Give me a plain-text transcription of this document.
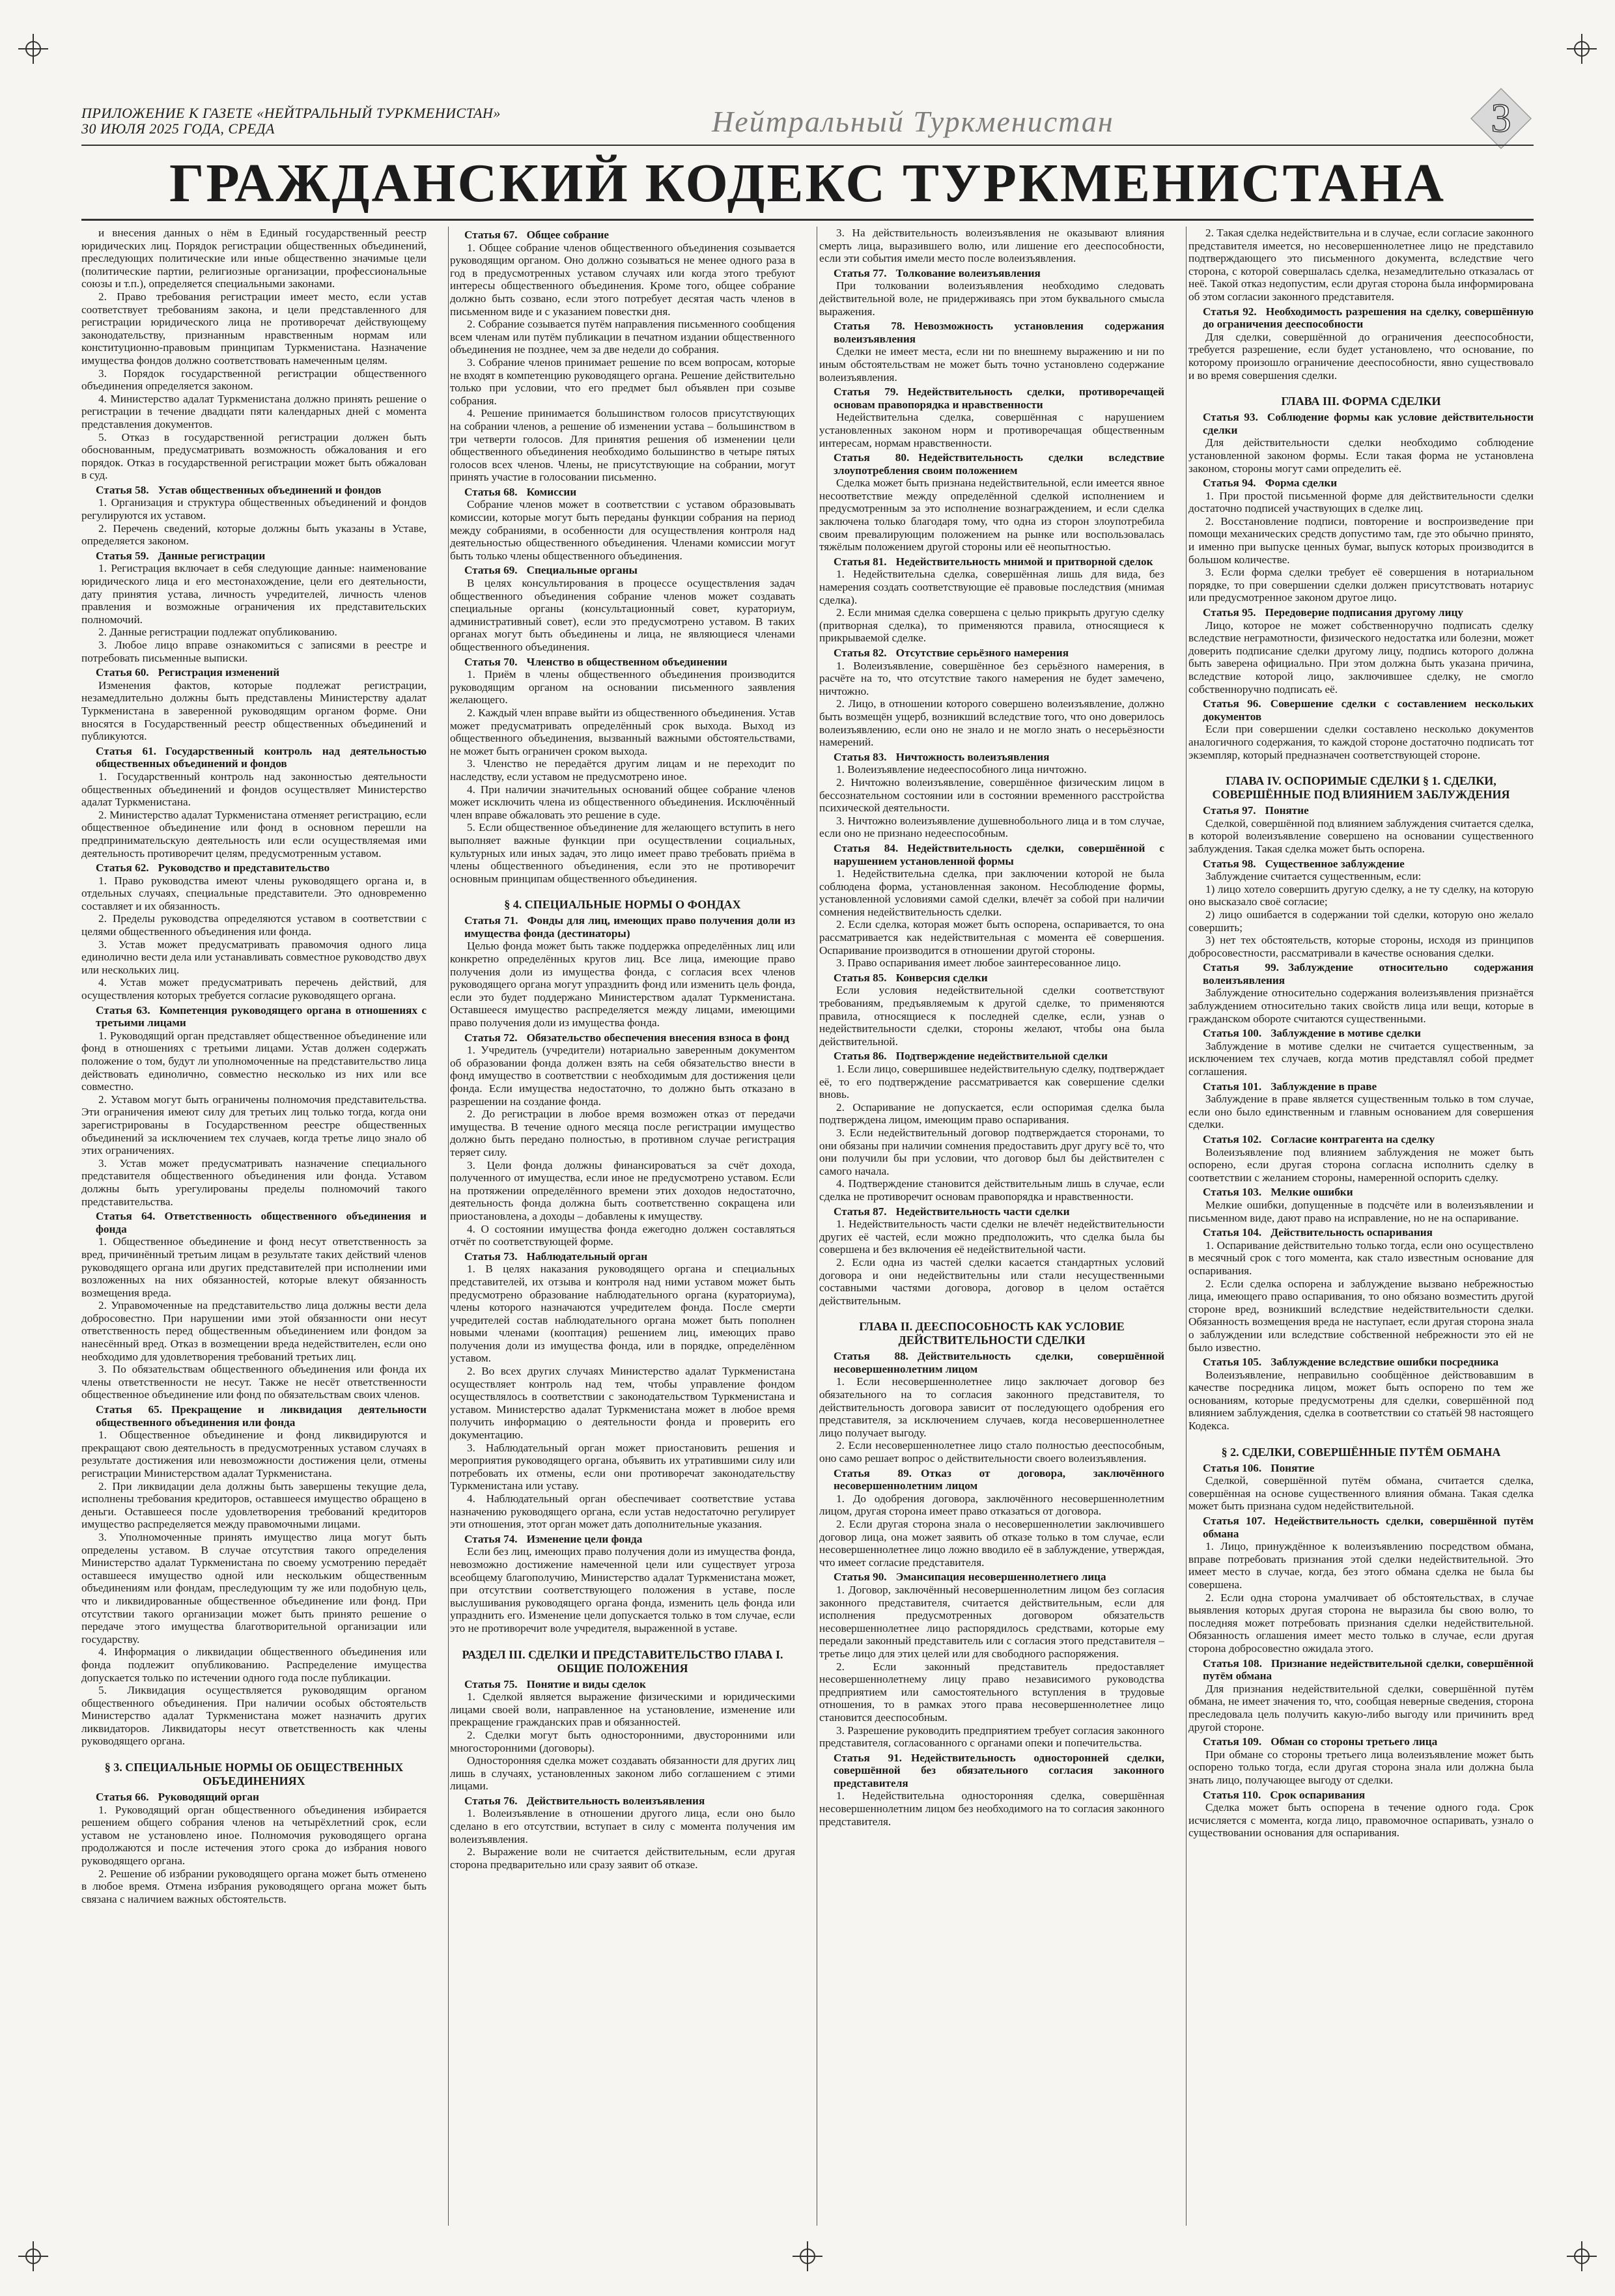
ПРИЛОЖЕНИЕ К ГАЗЕТЕ «НЕЙТРАЛЬНЫЙ ТУРКМЕНИСТАН»
30 ИЮЛЯ 2025 ГОДА, СРЕДА	Нейтральный Туркменистан	3
ГРАЖДАНСКИЙ КОДЕКС ТУРКМЕНИСТАНА

и внесения данных о нём в Единый государственный реестр юридических лиц. Порядок регистрации общественных объединений, преследующих политические или иные общественно значимые цели (политические партии, религиозные организации, профессиональные союзы и т.п.), определяется специальными законами.

2. Право требования регистрации имеет место, если устав соответствует требованиям закона, и цели представленного для регистрации юридического лица не противоречат действующему законодательству, признанным нравственным нормам или конституционно-правовым принципам Туркменистана. Назначение имущества фондов должно соответствовать намеченным целям.

3. Порядок государственной регистрации общественного объединения определяется законом.

4. Министерство адалат Туркменистана должно принять решение о регистрации в течение двадцати пяти календарных дней с момента представления документов.

5. Отказ в государственной регистрации должен быть обоснованным, предусматривать возможность обжалования и его порядок. Отказ в государственной регистрации может быть обжалован в суд.

Статья 58. Устав общественных объединений и фондов

1. Организация и структура общественных объединений и фондов регулируются их уставом.

2. Перечень сведений, которые должны быть указаны в Уставе, определяется законом.

Статья 59. Данные регистрации

1. Регистрация включает в себя следующие данные: наименование юридического лица и его местонахождение, цели его деятельности, дату принятия устава, личность учредителей, личность членов правления и возможные ограничения их представительских полномочий.

2. Данные регистрации подлежат опубликованию.

3. Любое лицо вправе ознакомиться с записями в реестре и потребовать письменные выписки.

Статья 60. Регистрация изменений

Изменения фактов, которые подлежат регистрации, незамедлительно должны быть представлены Министерству адалат Туркменистана в заверенной руководящим органом форме. Они вносятся в Государственный реестр общественных объединений и публикуются.

Статья 61. Государственный контроль над деятельностью общественных объединений и фондов

1. Государственный контроль над законностью деятельности общественных объединений и фондов осуществляет Министерство адалат Туркменистана.

2. Министерство адалат Туркменистана отменяет регистрацию, если общественное объединение или фонд в основном перешли на предпринимательскую деятельность или если осуществляемая ими деятельность противоречит целям, предусмотренным уставом.

Статья 62. Руководство и представительство

1. Право руководства имеют члены руководящего органа и, в отдельных случаях, специальные представители. Это одновременно составляет и их обязанность.

2. Пределы руководства определяются уставом в соответствии с целями общественного объединения или фонда.

3. Устав может предусматривать правомочия одного лица единолично вести дела или устанавливать совместное руководство двух или нескольких лиц.

4. Устав может предусматривать перечень действий, для осуществления которых требуется согласие руководящего органа.

Статья 63. Компетенция руководящего органа в отношениях с третьими лицами

1. Руководящий орган представляет общественное объединение или фонд в отношениях с третьими лицами. Устав должен содержать положение о том, будут ли уполномоченные на представительство лица действовать единолично, совместно несколько из них или все совместно.

2. Уставом могут быть ограничены полномочия представительства. Эти ограничения имеют силу для третьих лиц только тогда, когда они зарегистрированы в Государственном реестре общественных объединений за исключением тех случаев, когда третье лицо знало об этих ограничениях.

3. Устав может предусматривать назначение специального представителя общественного объединения или фонда. Уставом должны быть урегулированы пределы полномочий такого представительства.

Статья 64. Ответственность общественного объединения и фонда

1. Общественное объединение и фонд несут ответственность за вред, причинённый третьим лицам в результате таких действий членов руководящего органа или других представителей при исполнении ими возложенных на них обязанностей, которые влекут обязанность возмещения вреда.

2. Управомоченные на представительство лица должны вести дела добросовестно. При нарушении ими этой обязанности они несут ответственность перед общественным объединением или фондом за нанесённый вред. Отказ в возмещении вреда недействителен, если оно необходимо для удовлетворения требований третьих лиц.

3. По обязательствам общественного объединения или фонда их члены ответственности не несут. Также не несёт ответственности общественное объединение или фонд по обязательствам своих членов.

Статья 65. Прекращение и ликвидация деятельности общественного объединения или фонда

1. Общественное объединение и фонд ликвидируются и прекращают свою деятельность в предусмотренных уставом случаях в результате достижения или невозможности достижения цели, отмены регистрации Министерством адалат Туркменистана.

2. При ликвидации дела должны быть завершены текущие дела, исполнены требования кредиторов, оставшееся имущество обращено в деньги. Оставшееся после удовлетворения требований кредиторов имущество распределяется между правомочными лицами.

3. Уполномоченные принять имущество лица могут быть определены уставом. В случае отсутствия такого определения Министерство адалат Туркменистана по своему усмотрению передаёт оставшееся имущество одной или нескольким общественным объединениям или фондам, преследующим ту же или подобную цель, что и ликвидированные общественное объединение или фонд. При отсутствии такого организации может быть принято решение о передаче этого имущества благотворительной организации или государству.

4. Информация о ликвидации общественного объединения или фонда подлежит опубликованию. Распределение имущества допускается только по истечении одного года после публикации.

5. Ликвидация осуществляется руководящим органом общественного объединения. При наличии особых обстоятельств Министерство адалат Туркменистана может назначить других ликвидаторов. Ликвидаторы несут ответственность как члены руководящего органа.

§ 3. СПЕЦИАЛЬНЫЕ НОРМЫ ОБ ОБЩЕСТВЕННЫХ ОБЪЕДИНЕНИЯХ

Статья 66. Руководящий орган

1. Руководящий орган общественного объединения избирается решением общего собрания членов на четырёхлетний срок, если уставом не установлено иное. Полномочия руководящего органа продолжаются и после истечения этого срока до избрания нового руководящего органа.

2. Решение об избрании руководящего органа может быть отменено в любое время. Отмена избрания руководящего органа может быть связана с наличием важных обстоятельств.

Статья 67. Общее собрание

1. Общее собрание членов общественного объединения созывается руководящим органом. Оно должно созываться не менее одного раза в год в предусмотренных уставом случаях или когда этого требуют интересы общественного объединения. Кроме того, общее собрание должно быть созвано, если этого потребует десятая часть членов в письменном виде и с указанием повестки дня.

2. Собрание созывается путём направления письменного сообщения всем членам или путём публикации в печатном издании общественного объединения не позднее, чем за две недели до собрания.

3. Собрание членов принимает решение по всем вопросам, которые не входят в компетенцию руководящего органа. Решение действительно только при условии, что его предмет был объявлен при созыве собрания.

4. Решение принимается большинством голосов присутствующих на собрании членов, а решение об изменении устава – большинством в три четверти голосов. Для принятия решения об изменении цели общественного объединения необходимо большинство в четыре пятых голосов всех членов. Члены, не присутствующие на собрании, могут принять участие в голосовании письменно.

Статья 68. Комиссии

Собрание членов может в соответствии с уставом образовывать комиссии, которые могут быть переданы функции собрания на период между собраниями, в особенности для осуществления контроля над деятельностью общественного объединения. Членами комиссии могут быть только члены общественного объединения.

Статья 69. Специальные органы

В целях консультирования в процессе осуществления задач общественного объединения собрание членов может создавать специальные органы (консультационный совет, кураториум, административный совет), если это предусмотрено уставом. В таких органах могут быть объединены и лица, не являющиеся членами общественного объединения.

Статья 70. Членство в общественном объединении

1. Приём в члены общественного объединения производится руководящим органом на основании письменного заявления желающего.

2. Каждый член вправе выйти из общественного объединения. Устав может предусматривать определённый срок выхода. Выход из общественного объединения, вызванный важными обстоятельствами, не может быть ограничен сроком выхода.

3. Членство не передаётся другим лицам и не переходит по наследству, если уставом не предусмотрено иное.

4. При наличии значительных оснований общее собрание членов может исключить члена из общественного объединения. Исключённый член вправе обжаловать это решение в суде.

5. Если общественное объединение для желающего вступить в него выполняет важные функции при осуществлении социальных, культурных или иных задач, это лицо имеет право требовать приёма в члены общественного объединения, если это не противоречит основным принципам общественного объединения.

§ 4. СПЕЦИАЛЬНЫЕ НОРМЫ О ФОНДАХ

Статья 71. Фонды для лиц, имеющих право получения доли из имущества фонда (дестинаторы)

Целью фонда может быть также поддержка определённых лиц или конкретно определённых кругов лиц. Все лица, имеющие право получения доли из имущества фонда, с согласия всех членов руководящего органа могут упразднить фонд или изменить цель фонда, если это будет поддержано Министерством адалат Туркменистана. Оставшееся имущество распределяется между лицами, имеющими право получения доли из имущества фонда.

Статья 72. Обязательство обеспечения внесения взноса в фонд

1. Учредитель (учредители) нотариально заверенным документом об образовании фонда должен взять на себя обязательство внести в фонд имущество в соответствии с необходимым для достижения цели фонда. Если имущества недостаточно, то должно быть отказано в разрешении на создание фонда.

2. До регистрации в любое время возможен отказ от передачи имущества. В течение одного месяца после регистрации имущество должно быть передано полностью, в противном случае регистрация теряет силу.

3. Цели фонда должны финансироваться за счёт дохода, полученного от имущества, если иное не предусмотрено уставом. Если на протяжении определённого времени этих доходов недостаточно, деятельность фонда должна быть соответственно сокращена или приостановлена, а доходы – добавлены к имуществу.

4. О состоянии имущества фонда ежегодно должен составляться отчёт по соответствующей форме.

Статья 73. Наблюдательный орган

1. В целях наказания руководящего органа и специальных представителей, их отзыва и контроля над ними уставом может быть предусмотрено образование наблюдательного органа (кураториума), члены которого назначаются учредителем фонда. После смерти учредителей состав наблюдательного органа может быть пополнен новыми членами (кооптация) решением лиц, имеющих право получения доли из имущества фонда, или в порядке, определённом уставом.

2. Во всех других случаях Министерство адалат Туркменистана осуществляет контроль над тем, чтобы управление фондом осуществлялось в соответствии с законодательством Туркменистана и уставом. Министерство адалат Туркменистана может в любое время получить информацию о деятельности фонда и проверить его документацию.

3. Наблюдательный орган может приостановить решения и мероприятия руководящего органа, объявить их утратившими силу или потребовать их отмены, если они противоречат законодательству Туркменистана или уставу.

4. Наблюдательный орган обеспечивает соответствие устава назначению руководящего органа, если устав недостаточно регулирует эти отношения, этот орган может дать дополнительные указания.

Статья 74. Изменение цели фонда

Если без лиц, имеющих право получения доли из имущества фонда, невозможно достижение намеченной цели или существует угроза всеобщему благополучию, Министерство адалат Туркменистана может, при отсутствии соответствующего положения в уставе, после выслушивания руководящего органа фонда, изменить цель фонда или упразднить его. Изменение цели допускается только в том случае, если это не противоречит воле учредителя, выраженной в уставе.

РАЗДЕЛ III. СДЕЛКИ И ПРЕДСТАВИТЕЛЬСТВО ГЛАВА I. ОБЩИЕ ПОЛОЖЕНИЯ

Статья 75. Понятие и виды сделок

1. Сделкой является выражение физическими и юридическими лицами своей воли, направленное на установление, изменение или прекращение гражданских прав и обязанностей.

2. Сделки могут быть односторонними, двусторонними или многосторонними (договоры).

Односторонняя сделка может создавать обязанности для других лиц лишь в случаях, установленных законом либо соглашением с этими лицами.

Статья 76. Действительность волеизъявления

1. Волеизъявление в отношении другого лица, если оно было сделано в его отсутствии, вступает в силу с момента получения им волеизъявления.

2. Выражение воли не считается действительным, если другая сторона предварительно или сразу заявит об отказе.

3. На действительность волеизъявления не оказывают влияния смерть лица, выразившего волю, или лишение его дееспособности, если эти события имели место после волеизъявления.

Статья 77. Толкование волеизъявления

При толковании волеизъявления необходимо следовать действительной воле, не придерживаясь при этом буквального смысла выражения.

Статья 78. Невозможность установления содержания волеизъявления

Сделки не имеет места, если ни по внешнему выражению и ни по иным обстоятельствам не может быть точно установлено содержание волеизъявления.

Статья 79. Недействительность сделки, противоречащей основам правопорядка и нравственности

Недействительна сделка, совершённая с нарушением установленных законом норм и противоречащая общественным интересам, нормам нравственности.

Статья 80. Недействительность сделки вследствие злоупотребления своим положением

Сделка может быть признана недействительной, если имеется явное несоответствие между определённой сделкой исполнением и предусмотренным за это исполнение вознаграждением, и если сделка заключена только благодаря тому, что одна из сторон злоупотребила своим превалирующим положением на рынке или воспользовалась тяжёлым положением другой стороны или её неопытностью.

Статья 81. Недействительность мнимой и притворной сделок

1. Недействительна сделка, совершённая лишь для вида, без намерения создать соответствующие её правовые последствия (мнимая сделка).

2. Если мнимая сделка совершена с целью прикрыть другую сделку (притворная сделка), то применяются правила, относящиеся к прикрываемой сделке.

Статья 82. Отсутствие серьёзного намерения

1. Волеизъявление, совершённое без серьёзного намерения, в расчёте на то, что отсутствие такого намерения не будет замечено, ничтожно.

2. Лицо, в отношении которого совершено волеизъявление, должно быть возмещён ущерб, возникший вследствие того, что оно доверилось волеизъявлению, если оно не знало и не могло знать о несерьёзности намерений.

Статья 83. Ничтожность волеизъявления

1. Волеизъявление недееспособного лица ничтожно.

2. Ничтожно волеизъявление, совершённое физическим лицом в бессознательном состоянии или в состоянии временного расстройства психической деятельности.

3. Ничтожно волеизъявление душевнобольного лица и в том случае, если оно не признано недееспособным.

Статья 84. Недействительность сделки, совершённой с нарушением установленной формы

1. Недействительна сделка, при заключении которой не была соблюдена форма, установленная законом. Несоблюдение формы, установленной условиями самой сделки, влечёт за собой при наличии сомнения недействительность сделки.

2. Если сделка, которая может быть оспорена, оспаривается, то она рассматривается как недействительная с момента её совершения. Оспаривание производится в отношении другой стороны.

3. Право оспаривания имеет любое заинтересованное лицо.

Статья 85. Конверсия сделки

Если условия недействительной сделки соответствуют требованиям, предъявляемым к другой сделке, то применяются правила, относящиеся к последней сделке, если, узнав о недействительности сделки, стороны желают, чтобы она была действительной.

Статья 86. Подтверждение недействительной сделки

1. Если лицо, совершившее недействительную сделку, подтверждает её, то его подтверждение рассматривается как совершение сделки вновь.

2. Оспаривание не допускается, если оспоримая сделка была подтверждена лицом, имеющим право оспаривания.

3. Если недействительный договор подтверждается сторонами, то они обязаны при наличии сомнения предоставить друг другу всё то, что они получили бы при условии, что договор был бы действителен с самого начала.

4. Подтверждение становится действительным лишь в случае, если сделка не противоречит основам правопорядка и нравственности.

Статья 87. Недействительность части сделки

1. Недействительность части сделки не влечёт недействительности других её частей, если можно предположить, что сделка была бы совершена и без включения её недействительной части.

2. Если одна из частей сделки касается стандартных условий договора и они недействительны или стали несущественными составными частями договора, договор в целом остаётся действительным.

ГЛАВА II. ДЕЕСПОСОБНОСТЬ КАК УСЛОВИЕ ДЕЙСТВИТЕЛЬНОСТИ СДЕЛКИ

Статья 88. Действительность сделки, совершённой несовершеннолетним лицом

1. Если несовершеннолетнее лицо заключает договор без обязательного на то согласия законного представителя, то действительность договора зависит от последующего одобрения его представителя, за исключением случаев, когда несовершеннолетнее лицо получает выгоду.

2. Если несовершеннолетнее лицо стало полностью дееспособным, оно само решает вопрос о действительности своего волеизъявления.

Статья 89. Отказ от договора, заключённого несовершеннолетним лицом

1. До одобрения договора, заключённого несовершеннолетним лицом, другая сторона имеет право отказаться от договора.

2. Если другая сторона знала о несовершеннолетии заключившего договор лица, она может заявить об отказе только в том случае, если несовершеннолетнее лицо ложно вводило её в заблуждение, утверждая, что имеет согласие представителя.

Статья 90. Эмансипация несовершеннолетнего лица

1. Договор, заключённый несовершеннолетним лицом без согласия законного представителя, считается действительным, если для исполнения предусмотренных договором обязательств несовершеннолетнее лицо распорядилось средствами, которые ему передали законный представитель или с согласия этого представителя – третье лицо для этих целей или для свободного распоряжения.

2. Если законный представитель предоставляет несовершеннолетнему лицу право независимого руководства предприятием или самостоятельного вступления в трудовые отношения, то в рамках этого права несовершеннолетнее лицо становится дееспособным.

3. Разрешение руководить предприятием требует согласия законного представителя, согласованного с органами опеки и попечительства.

Статья 91. Недействительность односторонней сделки, совершённой без обязательного согласия законного представителя

1. Недействительна односторонняя сделка, совершённая несовершеннолетним лицом без необходимого на то согласия законного представителя.

2. Такая сделка недействительна и в случае, если согласие законного представителя имеется, но несовершеннолетнее лицо не представило подтверждающего это письменного документа, вследствие чего сторона, с которой совершалась сделка, незамедлительно отказалась от неё. Такой отказ недопустим, если другая сторона была информирована об этом согласии законного представителя.

Статья 92. Необходимость разрешения на сделку, совершённую до ограничения дееспособности

Для сделки, совершённой до ограничения дееспособности, требуется разрешение, если будет установлено, что основание, по которому произошло ограничение дееспособности, явно существовало и во время совершения сделки.

ГЛАВА III. ФОРМА СДЕЛКИ

Статья 93. Соблюдение формы как условие действительности сделки

Для действительности сделки необходимо соблюдение установленной законом формы. Если такая форма не установлена законом, стороны могут сами определить её.

Статья 94. Форма сделки

1. При простой письменной форме для действительности сделки достаточно подписей участвующих в сделке лиц.

2. Восстановление подписи, повторение и воспроизведение при помощи механических средств допустимо там, где это обычно принято, и именно при выпуске ценных бумаг, выпуск которых производится в большом количестве.

3. Если форма сделки требует её совершения в нотариальном порядке, то при совершении сделки должен присутствовать нотариус или предусмотренное законом другое лицо.

Статья 95. Передоверие подписания другому лицу

Лицо, которое не может собственноручно подписать сделку вследствие неграмотности, физического недостатка или болезни, может доверить подписание сделки другому лицу, подпись которого должна быть заверена официально. При этом должна быть указана причина, вследствие которой лицо, заключившее сделку, не смогло собственноручно подписать её.

Статья 96. Совершение сделки с составлением нескольких документов

Если при совершении сделки составлено несколько документов аналогичного содержания, то каждой стороне достаточно подписать тот экземпляр, который предназначен соответствующей стороне.

ГЛАВА IV. ОСПОРИМЫЕ СДЕЛКИ § 1. СДЕЛКИ, СОВЕРШЁННЫЕ ПОД ВЛИЯНИЕМ ЗАБЛУЖДЕНИЯ

Статья 97. Понятие

Сделкой, совершённой под влиянием заблуждения считается сделка, в которой волеизъявление совершено на основании существенного заблуждения. Такая сделка может быть оспорена.

Статья 98. Существенное заблуждение

Заблуждение считается существенным, если:

1) лицо хотело совершить другую сделку, а не ту сделку, на которую оно высказало своё согласие;

2) лицо ошибается в содержании той сделки, которую оно желало совершить;

3) нет тех обстоятельств, которые стороны, исходя из принципов добросовестности, рассматривали в качестве основания сделки.

Статья 99. Заблуждение относительно содержания волеизъявления

Заблуждение относительно содержания волеизъявления признаётся заблуждением относительно таких свойств лица или вещи, которые в гражданском обороте считаются существенными.

Статья 100. Заблуждение в мотиве сделки

Заблуждение в мотиве сделки не считается существенным, за исключением тех случаев, когда мотив представлял собой предмет соглашения.

Статья 101. Заблуждение в праве

Заблуждение в праве является существенным только в том случае, если оно было единственным и главным основанием для совершения сделки.

Статья 102. Согласие контрагента на сделку

Волеизъявление под влиянием заблуждения не может быть оспорено, если другая сторона согласна исполнить сделку в соответствии с желанием стороны, намеренной оспорить сделку.

Статья 103. Мелкие ошибки

Мелкие ошибки, допущенные в подсчёте или в волеизъявлении и письменном виде, дают право на исправление, но не на оспаривание.

Статья 104. Действительность оспаривания

1. Оспаривание действительно только тогда, если оно осуществлено в месячный срок с того момента, как стало известным основание для оспаривания.

2. Если сделка оспорена и заблуждение вызвано небрежностью лица, имеющего право оспаривания, то оно обязано возместить другой стороне вред, возникший вследствие недействительности сделки. Обязанность возмещения вреда не наступает, если другая сторона знала о заблуждении или вследствие собственной небрежности это ей не было известно.

Статья 105. Заблуждение вследствие ошибки посредника

Волеизъявление, неправильно сообщённое действовавшим в качестве посредника лицом, может быть оспорено по тем же основаниям, которые предусмотрены для сделки, совершённой под влиянием заблуждения, сделка в соответствии со статьёй 98 настоящего Кодекса.

§ 2. СДЕЛКИ, СОВЕРШЁННЫЕ ПУТЁМ ОБМАНА

Статья 106. Понятие

Сделкой, совершённой путём обмана, считается сделка, совершённая на основе существенного влияния обмана. Такая сделка может быть признана судом недействительной.

Статья 107. Недействительность сделки, совершённой путём обмана

1. Лицо, принуждённое к волеизъявлению посредством обмана, вправе потребовать признания этой сделки недействительной. Это имеет место в случае, когда, без этого обмана сделка не была бы совершена.

2. Если одна сторона умалчивает об обстоятельствах, в случае выявления которых другая сторона не выразила бы свою волю, то последняя может потребовать признания сделки недействительной. Обязанность оглашения имеет место только в случае, если другая сторона добросовестно ожидала этого.

Статья 108. Признание недействительной сделки, совершённой путём обмана

Для признания недействительной сделки, совершённой путём обмана, не имеет значения то, что, сообщая неверные сведения, сторона преследовала цель получить какую-либо выгоду или причинить вред другой стороне.

Статья 109. Обман со стороны третьего лица

При обмане со стороны третьего лица волеизъявление может быть оспорено только тогда, если другая сторона знала или должна была знать лицо, получающее выгоду от сделки.

Статья 110. Срок оспаривания

Сделка может быть оспорена в течение одного года. Срок исчисляется с момента, когда лицо, правомочное оспаривать, узнало о существовании основания для оспаривания.
